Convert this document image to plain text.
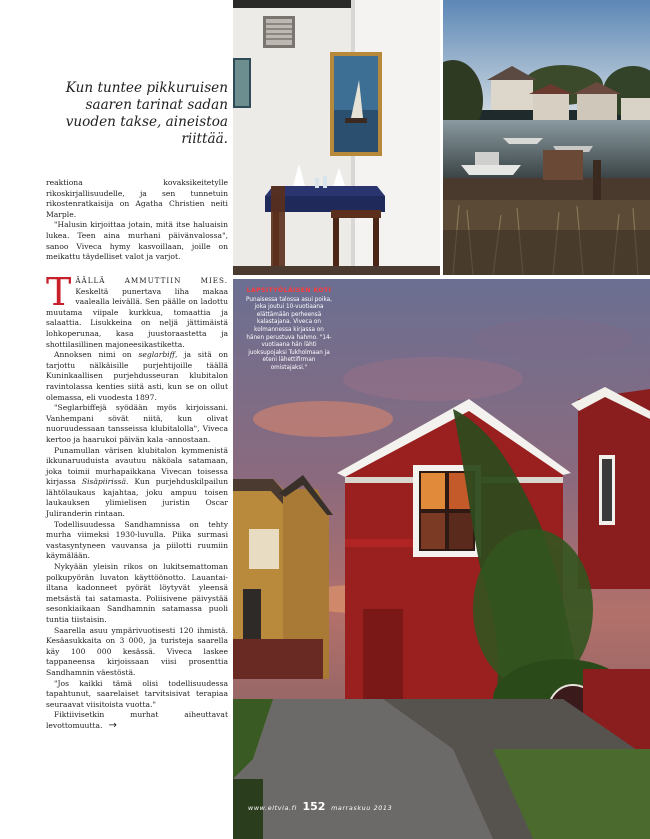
Kun tuntee pikkuruisen saaren tarinat sadan vuoden takse, aineistoa riittää.

reaktiona kovaksikeitetylle rikoskirjallisuudelle, ja sen tunnetuin rikostenratkaisija on Agatha Christien neiti Marple.

"Halusin kirjoittaa jotain, mitä itse haluaisin lukea. Teen aina murhani päivänvalossa", sanoo Viveca hymy kasvoillaan, joille on meikattu täydelliset valot ja varjot.

TÄÄLLÄ AMMUTTIIN MIES. Keskeltä punertava liha makaa vaalealla leivällä. Sen päälle on ladottu muutama viipale kurkkua, tomaattia ja salaattia. Lisukkeina on neljä jättimäistä lohkoperunaa, kasa juustoraastetta ja shottilasillinen majoneesikastiketta.

Annoksen nimi on seglarbiff, ja sitä on tarjottu nälkäisille purjehtijoille täällä Kuninkaallisen purjehdusseuran klubitalon ravintolassa kenties siitä asti, kun se on ollut olemassa, eli vuodesta 1897.

"Seglarbiffejä syödään myös kirjoissani. Vanhempani sövät niitä, kun olivat nuoruudessaan tansseissa klubitalolla", Viveca kertoo ja haarukoi päivän kala -annostaan.

Punamullan värisen klubitalon kymmenistä ikkunaruuduista avautuu näköala satamaan, joka toimii murhapaikkana Vivecan toisessa kirjassa Sisäpiirissä. Kun purjehduskilpailun lähtölaukaus kajahtaa, joku ampuu toisen laukauksen ylimielisen juristin Oscar Juliranderin rintaan.

Todellisuudessa Sandhamnissa on tehty murha viimeksi 1930-luvulla. Piika surmasi vastasyntyneen vauvansa ja piilotti ruumiin käymälään.

Nykyään yleisin rikos on lukitsemattoman polkupyörän luvaton käyttöönotto. Lauantai-iltana kadonneet pyörät löytyvät yleensä metsästä tai satamasta. Poliisivene päivystää sesonkiaikaan Sandhamnin satamassa puoli tuntia tiistaisin.

Saarella asuu ympärivuotisesti 120 ihmistä. Kesäasukkaita on 3 000, ja turisteja saarella käy 100 000 kesässä. Viveca laskee tappaneensa kirjoissaan viisi prosenttia Sandhamnin väestöstä.

"Jos kaikki tämä olisi todellisuudessa tapahtunut, saarelaiset tarvitsisivat terapiaa seuraavat viisitoista vuotta."

Fiktiivisetkin murhat aiheuttavat levottomuutta. →

LAPSITYÖLÄISEN KOTI
Punaisessa talossa asui poika, joka joutui 10-vuotiaana elättämään perheensä kalastajana. Viveca on kolmannessa kirjassa on hänen perustuva hahmo. "14-vuotiaana hän lähti juoksupojaksi Tukholmaan ja eteni lähettifirman omistajaksi."
www.eltvia.fi 152 marraskuu 2013
